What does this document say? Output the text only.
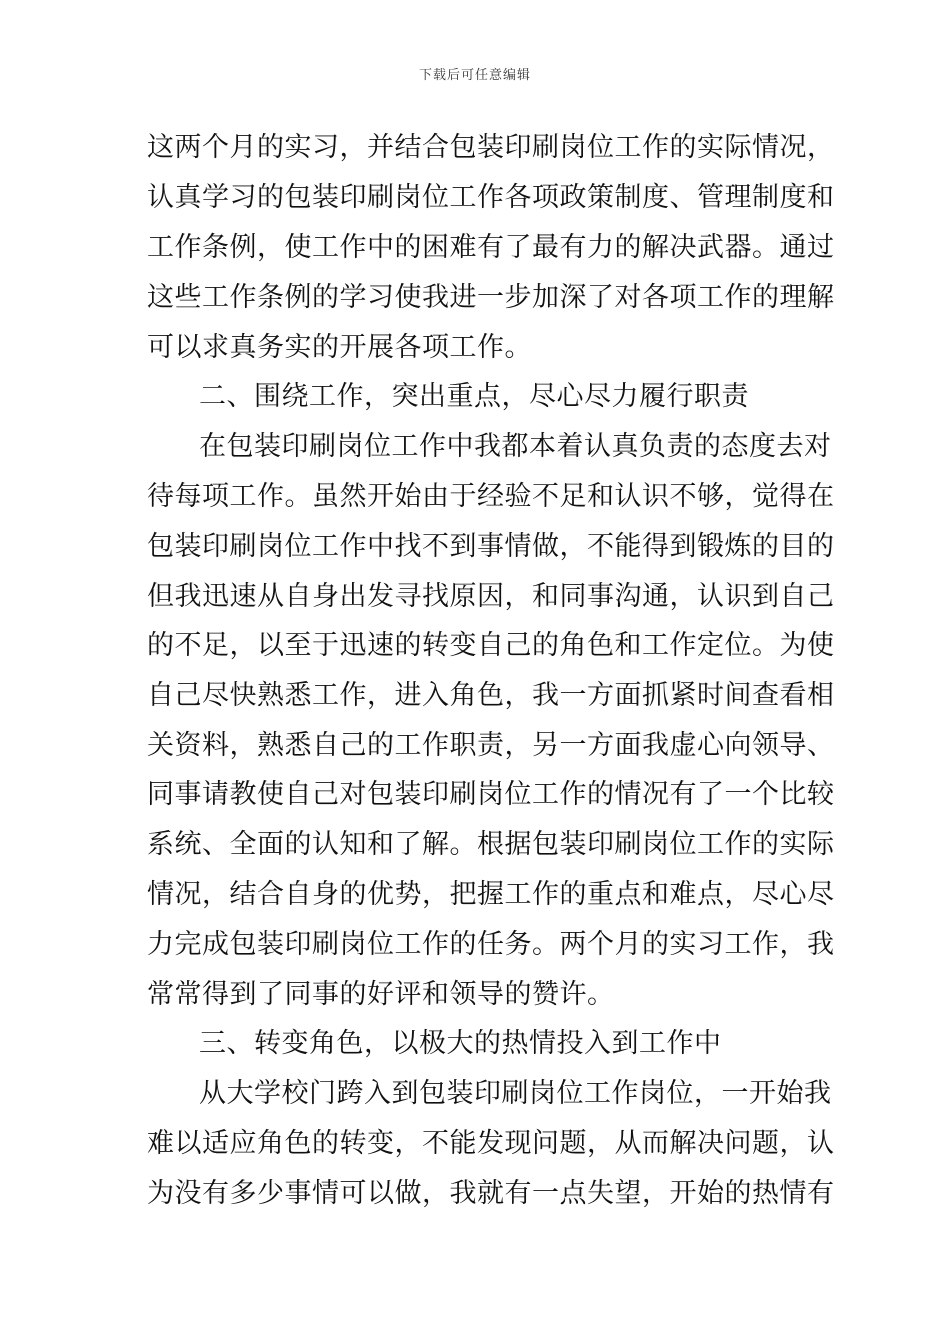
下载后可任意编辑
这两个月的实习，并结合包装印刷岗位工作的实际情况，
认真学习的包装印刷岗位工作各项政策制度、管理制度和
工作条例，使工作中的困难有了最有力的解决武器。通过
这些工作条例的学习使我进一步加深了对各项工作的理解
可以求真务实的开展各项工作。
二、围绕工作，突出重点，尽心尽力履行职责
在包装印刷岗位工作中我都本着认真负责的态度去对
待每项工作。虽然开始由于经验不足和认识不够，觉得在
包装印刷岗位工作中找不到事情做，不能得到锻炼的目的
但我迅速从自身出发寻找原因，和同事沟通，认识到自己
的不足，以至于迅速的转变自己的角色和工作定位。为使
自己尽快熟悉工作，进入角色，我一方面抓紧时间查看相
关资料，熟悉自己的工作职责，另一方面我虚心向领导、
同事请教使自己对包装印刷岗位工作的情况有了一个比较
系统、全面的认知和了解。根据包装印刷岗位工作的实际
情况，结合自身的优势，把握工作的重点和难点，尽心尽
力完成包装印刷岗位工作的任务。两个月的实习工作，我
常常得到了同事的好评和领导的赞许。
三、转变角色，以极大的热情投入到工作中
从大学校门跨入到包装印刷岗位工作岗位，一开始我
难以适应角色的转变，不能发现问题，从而解决问题，认
为没有多少事情可以做，我就有一点失望，开始的热情有
